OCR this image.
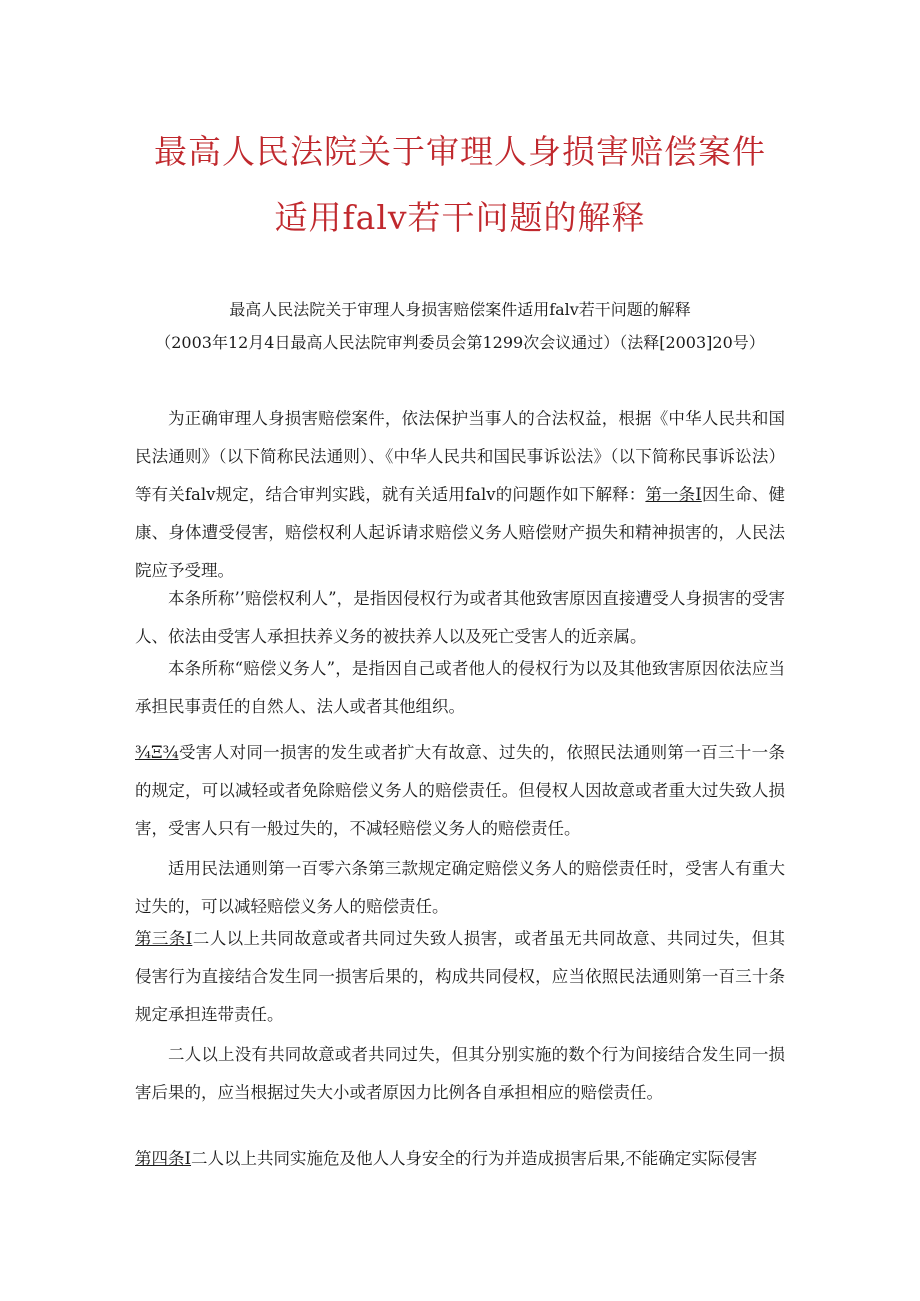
最高人民法院关于审理人身损害赔偿案件
适用falv若干问题的解释
最高人民法院关于审理人身损害赔偿案件适用falv若干问题的解释
（2003年12月4日最高人民法院审判委员会第1299次会议通过）（法释[2003]20号）
为正确审理人身损害赔偿案件，依法保护当事人的合法权益，根据《中华人民共和国民法通则》（以下简称民法通则）、《中华人民共和国民事诉讼法》（以下简称民事诉讼法）等有关falv规定，结合审判实践，就有关适用falv的问题作如下解释：第一条I因生命、健康、身体遭受侵害，赔偿权利人起诉请求赔偿义务人赔偿财产损失和精神损害的，人民法院应予受理。
本条所称’’赔偿权利人”，是指因侵权行为或者其他致害原因直接遭受人身损害的受害人、依法由受害人承担扶养义务的被扶养人以及死亡受害人的近亲属。
本条所称“赔偿义务人”，是指因自己或者他人的侵权行为以及其他致害原因依法应当承担民事责任的自然人、法人或者其他组织。
¾Ξ¾受害人对同一损害的发生或者扩大有故意、过失的，依照民法通则第一百三十一条的规定，可以减轻或者免除赔偿义务人的赔偿责任。但侵权人因故意或者重大过失致人损害，受害人只有一般过失的，不减轻赔偿义务人的赔偿责任。
适用民法通则第一百零六条第三款规定确定赔偿义务人的赔偿责任时，受害人有重大过失的，可以减轻赔偿义务人的赔偿责任。
第三条I二人以上共同故意或者共同过失致人损害，或者虽无共同故意、共同过失，但其侵害行为直接结合发生同一损害后果的，构成共同侵权，应当依照民法通则第一百三十条规定承担连带责任。
二人以上没有共同故意或者共同过失，但其分别实施的数个行为间接结合发生同一损害后果的，应当根据过失大小或者原因力比例各自承担相应的赔偿责任。
第四条I二人以上共同实施危及他人人身安全的行为并造成损害后果,不能确定实际侵害
